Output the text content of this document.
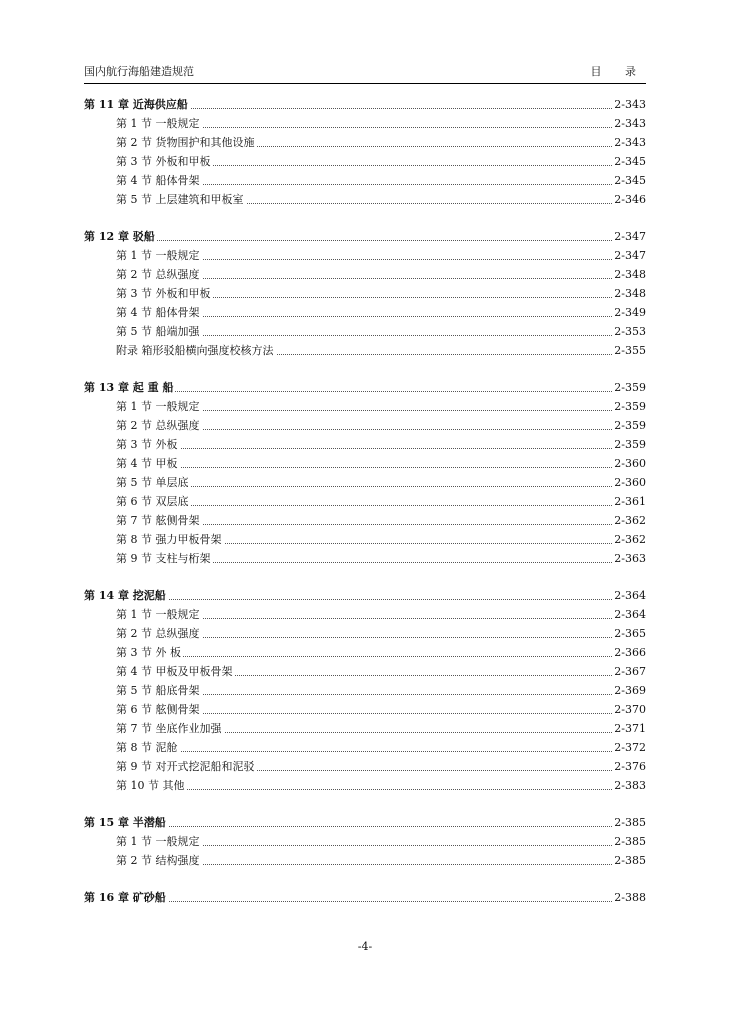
国内航行海船建造规范	目 录
第 11 章 近海供应船	2-343
第 1 节 一般规定	2-343
第 2 节 货物围护和其他设施	2-343
第 3 节 外板和甲板	2-345
第 4 节 船体骨架	2-345
第 5 节 上层建筑和甲板室	2-346
第 12 章 驳船	2-347
第 1 节 一般规定	2-347
第 2 节 总纵强度	2-348
第 3 节 外板和甲板	2-348
第 4 节 船体骨架	2-349
第 5 节 船端加强	2-353
附录 箱形驳船横向强度校核方法	2-355
第 13 章 起 重 船	2-359
第 1 节 一般规定	2-359
第 2 节 总纵强度	2-359
第 3 节 外板	2-359
第 4 节 甲板	2-360
第 5 节 单层底	2-360
第 6 节 双层底	2-361
第 7 节 舷侧骨架	2-362
第 8 节 强力甲板骨架	2-362
第 9 节 支柱与桁架	2-363
第 14 章 挖泥船	2-364
第 1 节 一般规定	2-364
第 2 节 总纵强度	2-365
第 3 节 外 板	2-366
第 4 节 甲板及甲板骨架	2-367
第 5 节 船底骨架	2-369
第 6 节 舷侧骨架	2-370
第 7 节 坐底作业加强	2-371
第 8 节 泥舱	2-372
第 9 节 对开式挖泥船和泥驳	2-376
第 10 节 其他	2-383
第 15 章 半潜船	2-385
第 1 节 一般规定	2-385
第 2 节 结构强度	2-385
第 16 章 矿砂船	2-388
-4-
